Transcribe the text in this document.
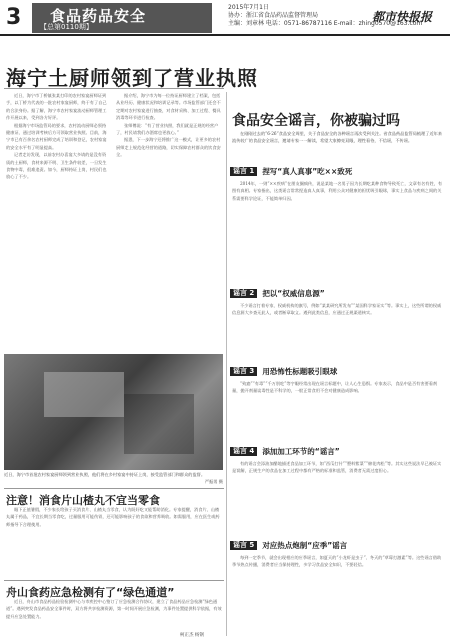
3 食品药品安全
【总第0110期】
2015年7月1日
协办：浙江省食品药品监督管理局
主编：刘章林 电话：0571-86787116 E-mail：zhing0570@163.com
都市快报报
海宁土厨师领到了营业执照

近日，海宁市丁桥镇张某打印的农村家宴厨师证到手，以丁桥为代表的一批农村家宴厨师，终于有了自己的合法身份。据了解，海宁市农村家宴流动厨师管理工作开展以来，受到各方好评。

根据海宁市场监管局的要求，农村流动厨师必须持健康证、通过培训考核后方可领取营业执照。目前，海宁市已有百余名农村厨师完成了培训和登记，农村家宴的安全水平有了明显提高。

记者走访发现，以前农村办喜宴大多请的是没有资质的土厨师，食材来源不明、卫生条件较差，一旦发生食物中毒，很难追责。如今，厨师持证上岗，村民们也放心了不少。

据介绍，海宁市为每一位持证厨师建立了档案，包括从业经历、健康状况和培训记录等。市场监管部门还会不定期对农村家宴进行抽查，对食材采购、加工过程、餐具消毒等环节进行检查。

张师傅说：“有了营业执照，我们就是正规的经营户了，村民请我们办酒席也更放心。”

据悉，下一步海宁还将推广这一模式，让更多的农村厨师走上规范化经营的道路，切实保障农村群众的饮食安全。

近日，海宁市首批农村家宴厨师领到营业执照，他们将在乡村家宴中持证上岗，接受监管部门和群众的监督。
严振男 摄
注意！消食片山楂丸不宜当零食

眼下正值暑假，不少家长给孩子买消食片、山楂丸当零食，认为既好吃又能帮助消化。专家提醒，消食片、山楂丸属于药品，不宜长期当零食吃，过量服用可能伤胃，还可能影响孩子的食欲和营养吸收。如需服用，应在医生或药师指导下合理使用。

舟山食药应急检测有了“绿色通道”

近日，舟山市食品药品检验检测中心与市疾控中心签订了应急检测合作协议，建立了食品药品应急检测“绿色通道”。遇到突发食品药品安全事件时，双方将共享检测资源，第一时间开展应急检测，为事件处置提供科学依据，有效提升应急处置能力。

柯正杰 杨钢
食品安全谣言，你被骗过吗

在刚刚过去的“6·26”食品安全周里，关于食品安全的各种谣言再次受到关注。省食品药品监管局梳理了近年来流传较广的食品安全谣言，邀请专家一一解读，希望大家擦亮双眼，理性看待，不信谣，不传谣。

谣言 1	捏写“真人真事”吃××致死

2014年，一则“××疾病”在朋友圈疯传，说是某地一名男子因为长期吃某种食物导致死亡，文章有名有姓，有图有真相。专家指出，这类谣言常常捏造真人真事，利用公众对健康的担忧吸引眼球，事实上食品与疾病之间的关系需要科学论证，不能简单归因。

谣言 2	把以“权威信息源”

不少谣言打着专家、权威机构的旗号，例如“某某研究所发布”“某国科学家证实”等。事实上，这些所谓的权威信息源大多查无此人，或者断章取义。遇到此类信息，应通过正规渠道核实。

谣言 3	用恐怖性标题吸引眼球

“致癌”“有毒”“千万别吃”等字眼经常出现在谣言标题中，让人心生恐惧。专家表示，食品中是否有害要看剂量，抛开剂量谈毒性是不科学的，一般正常食用不会对健康造成影响。

谣言 4	添加加工环节的“谣言”

有的谣言会添油加醋地描述食品加工环节，如“西瓜打针”“塑料紫菜”“棉花肉松”等。其实这些说法早已被证实是误解，正规生产的食品在加工过程中都有严格的标准和监管，消费者无需过度担心。

谣言 5	对应热点炮制“应季”谣言

每到一定季节，就会出现相应的应季谣言，如夏天的“小龙虾是虫子”、冬天的“草莓打激素”等。这些谣言借助季节热点传播，消费者应当保持理性，多学习食品安全知识，不要轻信。
